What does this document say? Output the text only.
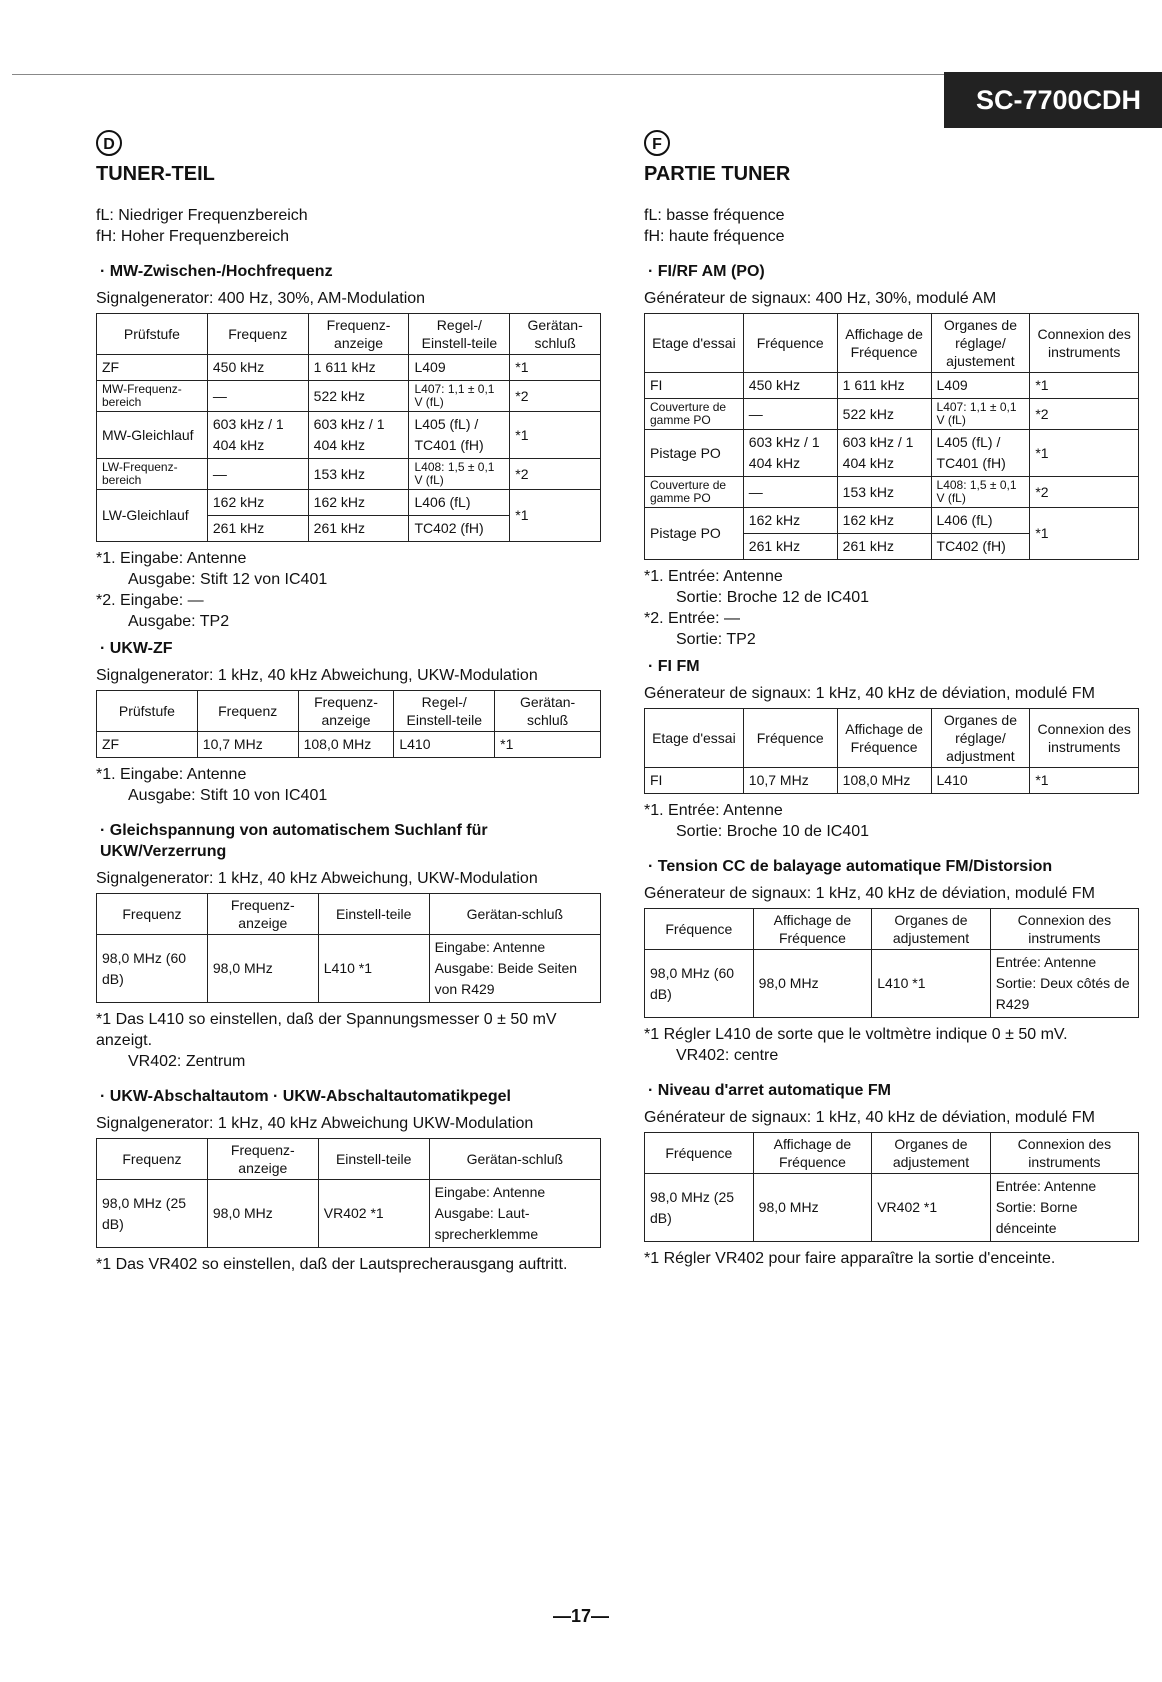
SC-7700CDH
D
TUNER-TEIL

fL: Niedriger Frequenzbereich

fH: Hoher Frequenzbereich

· MW-Zwischen-/Hochfrequenz
Signalgenerator: 400 Hz, 30%, AM-Modulation
Prüfstufe	Frequenz	Frequenz-anzeige	Regel-/ Einstell-teile	Gerätan-schluß
ZF	450 kHz	1 611 kHz	L409	*1
MW-Frequenz-bereich	—	522 kHz	L407: 1,1 ± 0,1 V (fL)	*2
MW-Gleichlauf	603 kHz / 1 404 kHz	603 kHz / 1 404 kHz	L405 (fL) / TC401 (fH)	*1
LW-Frequenz-bereich	—	153 kHz	L408: 1,5 ± 0,1 V (fL)	*2
LW-Gleichlauf	162 kHz	162 kHz	L406 (fL)	*1
	261 kHz	261 kHz	TC402 (fH)	

*1. Eingabe: Antenne

Ausgabe: Stift 12 von IC401

*2. Eingabe: —

Ausgabe: TP2

· UKW-ZF
Signalgenerator: 1 kHz, 40 kHz Abweichung, UKW-Modulation
Prüfstufe	Frequenz	Frequenz-anzeige	Regel-/ Einstell-teile	Gerätan-schluß
ZF	10,7 MHz	108,0 MHz	L410	*1

*1. Eingabe: Antenne

Ausgabe: Stift 10 von IC401

· Gleichspannung von automatischem Suchlanf für UKW/Verzerrung
Signalgenerator: 1 kHz, 40 kHz Abweichung, UKW-Modulation
Frequenz	Frequenz-anzeige	Einstell-teile	Gerätan-schluß
98,0 MHz (60 dB)	98,0 MHz	L410 *1	Eingabe: Antenne Ausgabe: Beide Seiten von R429

*1 Das L410 so einstellen, daß der Spannungsmesser 0 ± 50 mV anzeigt.

VR402: Zentrum

· UKW-Abschaltautom · UKW-Abschaltautomatikpegel
Signalgenerator: 1 kHz, 40 kHz Abweichung UKW-Modulation
Frequenz	Frequenz-anzeige	Einstell-teile	Gerätan-schluß
98,0 MHz (25 dB)	98,0 MHz	VR402 *1	Eingabe: Antenne Ausgabe: Laut-sprecherklemme

*1 Das VR402 so einstellen, daß der Lautsprecherausgang auftritt.

F
PARTIE TUNER

fL: basse fréquence

fH: haute fréquence

· FI/RF AM (PO)
Générateur de signaux: 400 Hz, 30%, modulé AM
Etage d'essai	Fréquence	Affichage de Fréquence	Organes de réglage/ ajustement	Connexion des instruments
FI	450 kHz	1 611 kHz	L409	*1
Couverture de gamme PO	—	522 kHz	L407: 1,1 ± 0,1 V (fL)	*2
Pistage PO	603 kHz / 1 404 kHz	603 kHz / 1 404 kHz	L405 (fL) / TC401 (fH)	*1
Couverture de gamme PO	—	153 kHz	L408: 1,5 ± 0,1 V (fL)	*2
Pistage PO	162 kHz	162 kHz	L406 (fL)	*1
	261 kHz	261 kHz	TC402 (fH)	

*1. Entrée: Antenne

Sortie: Broche 12 de IC401

*2. Entrée: —

Sortie: TP2

· FI FM
Génerateur de signaux: 1 kHz, 40 kHz de déviation, modulé FM
Etage d'essai	Fréquence	Affichage de Fréquence	Organes de réglage/ adjustment	Connexion des instruments
FI	10,7 MHz	108,0 MHz	L410	*1

*1. Entrée: Antenne

Sortie: Broche 10 de IC401

· Tension CC de balayage automatique FM/Distorsion
Génerateur de signaux: 1 kHz, 40 kHz de déviation, modulé FM
Fréquence	Affichage de Fréquence	Organes de adjustement	Connexion des instruments
98,0 MHz (60 dB)	98,0 MHz	L410 *1	Entrée: Antenne Sortie: Deux côtés de R429

*1 Régler L410 de sorte que le voltmètre indique 0 ± 50 mV.

VR402: centre

· Niveau d'arret automatique FM
Générateur de signaux: 1 kHz, 40 kHz de déviation, modulé FM
Fréquence	Affichage de Fréquence	Organes de adjustement	Connexion des instruments
98,0 MHz (25 dB)	98,0 MHz	VR402 *1	Entrée: Antenne Sortie: Borne dénceinte

*1 Régler VR402 pour faire apparaître la sortie d'enceinte.

—17—
